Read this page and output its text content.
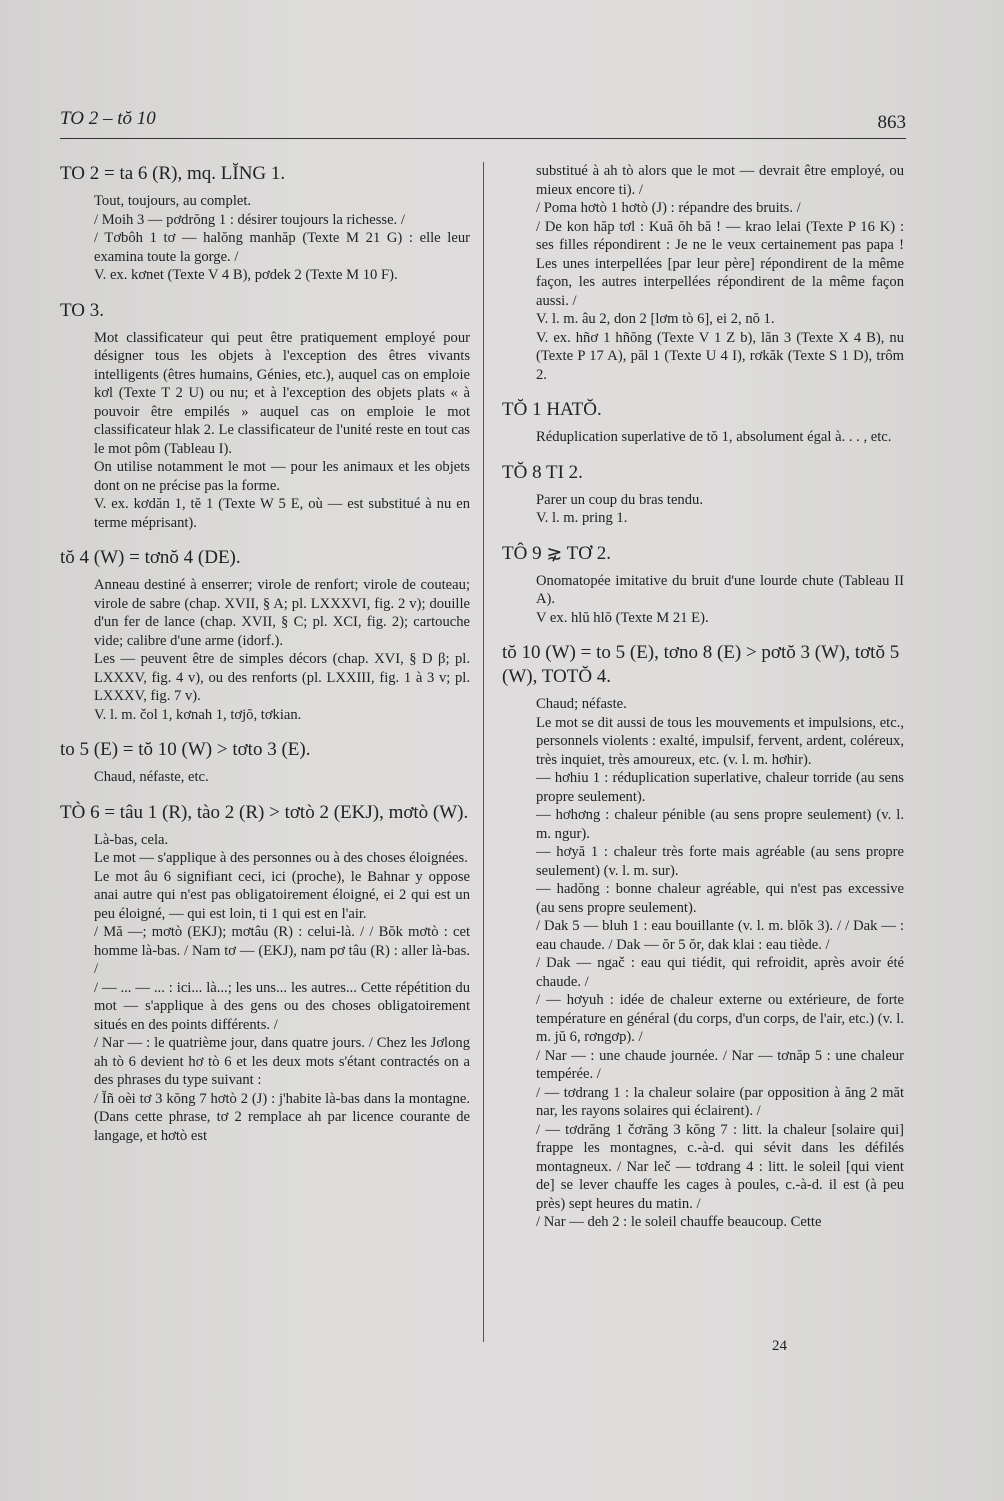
TO 2 – tŏ 10	863
TO 2 = ta 6 (R), mq. LĬNG 1.

Tout, toujours, au complet.

/ Moih 3 — pơdrŏng 1 : désirer toujours la richesse. /

/ Tơbôh 1 tơ — halŏng manhăp (Texte M 21 G) : elle leur examina toute la gorge. /

V. ex. kơnet (Texte V 4 B), pơdek 2 (Texte M 10 F).

TO 3.

Mot classificateur qui peut être pratiquement employé pour désigner tous les objets à l'exception des êtres vivants intelligents (êtres humains, Génies, etc.), auquel cas on emploie kơl (Texte T 2 U) ou nu; et à l'exception des objets plats « à pouvoir être empilés » auquel cas on emploie le mot classificateur hlak 2. Le classificateur de l'unité reste en tout cas le mot pôm (Tableau I).

On utilise notamment le mot — pour les animaux et les objets dont on ne précise pas la forme.

V. ex. kơdăn 1, tĕ 1 (Texte W 5 E, où — est substitué à nu en terme méprisant).

tŏ 4 (W) = tơnŏ 4 (DE).

Anneau destiné à enserrer; virole de renfort; virole de couteau; virole de sabre (chap. XVII, § A; pl. LXXXVI, fig. 2 v); douille d'un fer de lance (chap. XVII, § C; pl. XCI, fig. 2); cartouche vide; calibre d'une arme (idorf.).

Les — peuvent être de simples décors (chap. XVI, § D β; pl. LXXXV, fig. 4 v), ou des renforts (pl. LXXIII, fig. 1 à 3 v; pl. LXXXV, fig. 7 v).

V. l. m. čol 1, kơnah 1, tơjŏ, tơkian.

to 5 (E) = tŏ 10 (W) > tơto 3 (E).

Chaud, néfaste, etc.

TÒ 6 = tâu 1 (R), tào 2 (R) > tơtò 2 (EKJ), mơtò (W).

Là-bas, cela.

Le mot — s'applique à des personnes ou à des choses éloignées.

Le mot âu 6 signifiant ceci, ici (proche), le Bahnar y oppose anai autre qui n'est pas obligatoirement éloigné, ei 2 qui est un peu éloigné, — qui est loin, ti 1 qui est en l'air.

/ Mă —; mơtò (EKJ); mơtâu (R) : celui-là. / / Bŏk mơtò : cet homme là-bas. / Nam tơ — (EKJ), nam pơ tâu (R) : aller là-bas. /

/ — ... — ... : ici... là...; les uns... les autres... Cette répétition du mot — s'applique à des gens ou des choses obligatoirement situés en des points différents. /

/ Nar — : le quatrième jour, dans quatre jours. / Chez les Jơlong ah tò 6 devient hơ tò 6 et les deux mots s'étant contractés on a des phrases du type suivant :

/ Ĭñ oèi tơ 3 kŏng 7 hơtò 2 (J) : j'habite là-bas dans la montagne. (Dans cette phrase, tơ 2 remplace ah par licence courante de langage, et hơtò est

substitué à ah tò alors que le mot — devrait être employé, ou mieux encore ti). /

/ Poma hơtò 1 hơtò (J) : répandre des bruits. /

/ De kon hăp tơl : Kuă ŏh bă ! — krao lelai (Texte P 16 K) : ses filles répondirent : Je ne le veux certainement pas papa ! Les unes interpellées [par leur père] répondirent de la même façon, les autres interpellées répondirent de la même façon aussi. /

V. l. m. âu 2, don 2 [lơm tò 6], ei 2, nŏ 1.

V. ex. hñơ 1 hñŏng (Texte V 1 Z b), lăn 3 (Texte X 4 B), nu (Texte P 17 A), păl 1 (Texte U 4 I), rơkăk (Texte S 1 D), trôm 2.

TŎ 1 HATŎ.

Réduplication superlative de tŏ 1, absolument égal à. . . , etc.

TŎ 8 TI 2.

Parer un coup du bras tendu.

V. l. m. pring 1.

TÔ 9 ⋧ TƠ 2.

Onomatopée imitative du bruit d'une lourde chute (Tableau II A).

V ex. hlŭ hlŏ (Texte M 21 E).

tŏ 10 (W) = to 5 (E), tơno 8 (E) > pơtŏ 3 (W), tơtŏ 5 (W), TOTŎ 4.

Chaud; néfaste.

Le mot se dit aussi de tous les mouvements et impulsions, etc., personnels violents : exalté, impulsif, fervent, ardent, coléreux, très inquiet, très amoureux, etc. (v. l. m. hơhir).

— hơhiu 1 : réduplication superlative, chaleur torride (au sens propre seulement).

— hơhơng : chaleur pénible (au sens propre seulement) (v. l. m. ngur).

— hơyă 1 : chaleur très forte mais agréable (au sens propre seulement) (v. l. m. sur).

— hadŏng : bonne chaleur agréable, qui n'est pas excessive (au sens propre seulement).

/ Dak 5 — bluh 1 : eau bouillante (v. l. m. blŏk 3). / / Dak — : eau chaude. / Dak — ŏr 5 ŏr, dak klai : eau tiède. /

/ Dak — ngač : eau qui tiédit, qui refroidit, après avoir été chaude. /

/ — hơyuh : idée de chaleur externe ou extérieure, de forte température en général (du corps, d'un corps, de l'air, etc.) (v. l. m. jŭ 6, rơngơp). /

/ Nar — : une chaude journée. / Nar — tơnăp 5 : une chaleur tempérée. /

/ — tơdrang 1 : la chaleur solaire (par opposition à ăng 2 măt nar, les rayons solaires qui éclairent). /

/ — tơdrăng 1 čơrăng 3 kŏng 7 : litt. la chaleur [solaire qui] frappe les montagnes, c.-à-d. qui sévit dans les défilés montagneux. / Nar leč — tơdrang 4 : litt. le soleil [qui vient de] se lever chauffe les cages à poules, c.-à-d. il est (à peu près) sept heures du matin. /

/ Nar — deh 2 : le soleil chauffe beaucoup. Cette

24
